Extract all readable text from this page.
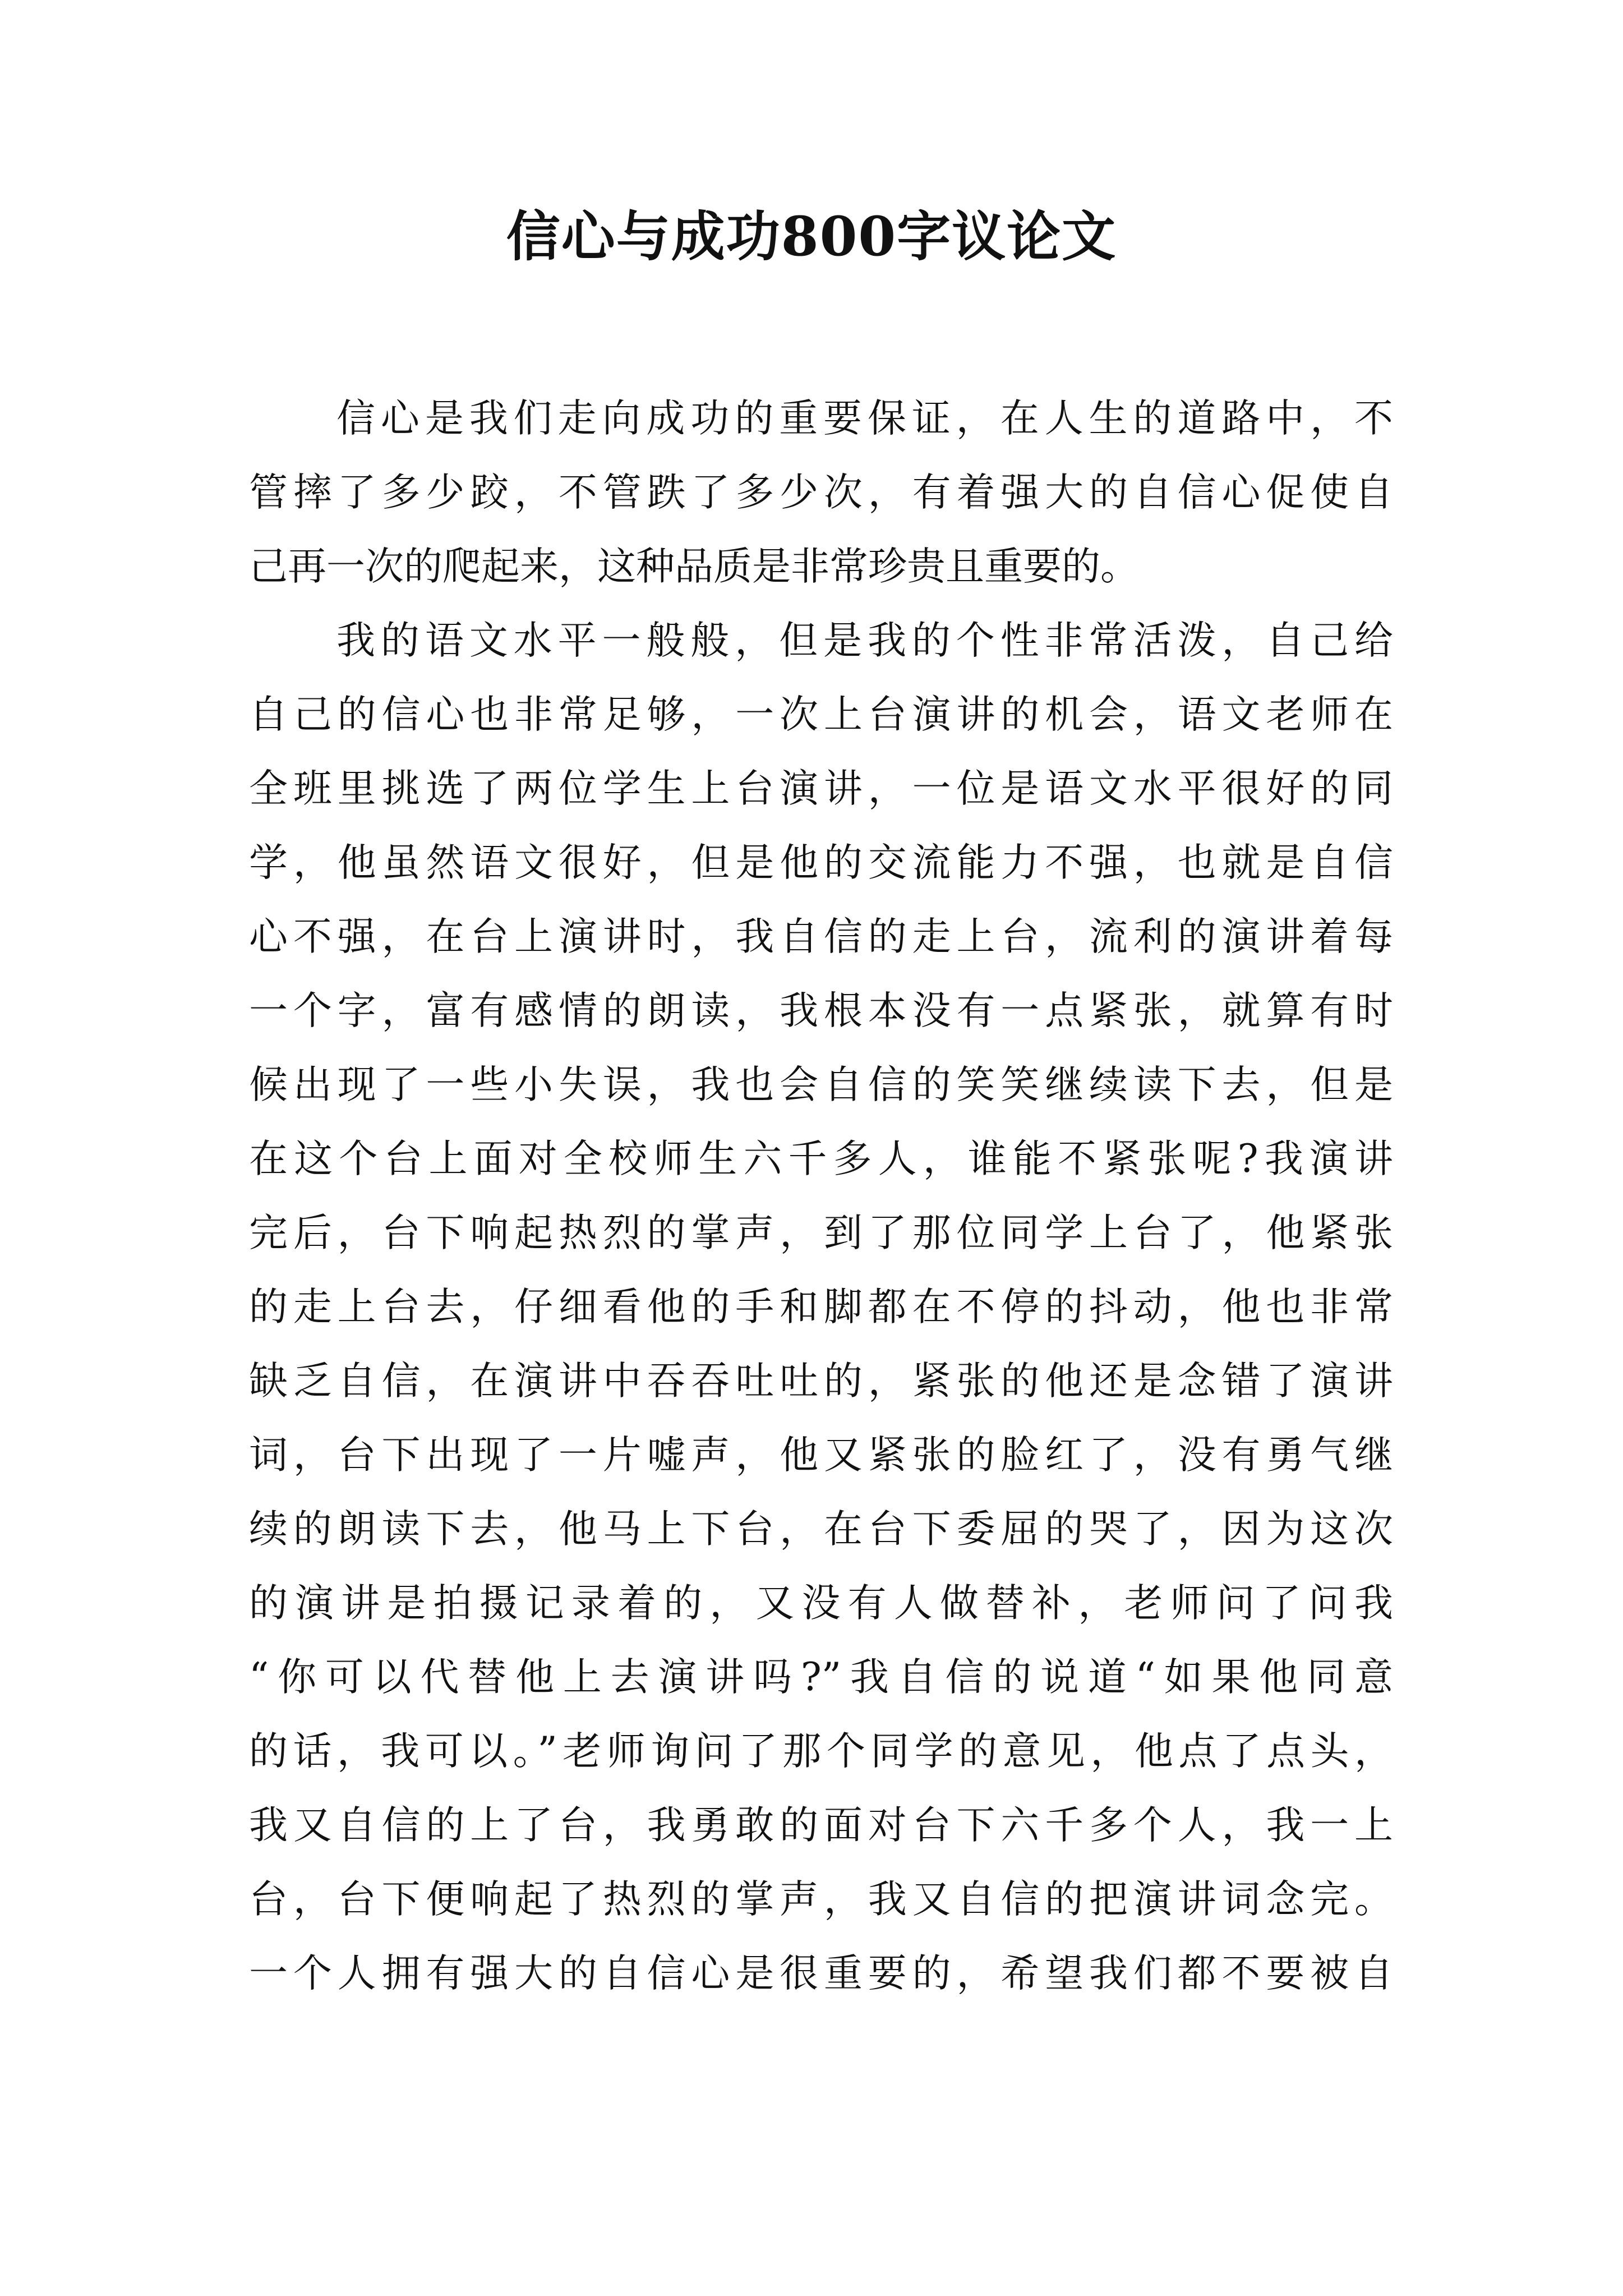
信心与成功800字议论文
信心是我们走向成功的重要保证，在人生的道路中，不
管摔了多少跤，不管跌了多少次，有着强大的自信心促使自
己再一次的爬起来，这种品质是非常珍贵且重要的。
我的语文水平一般般，但是我的个性非常活泼，自己给
自己的信心也非常足够，一次上台演讲的机会，语文老师在
全班里挑选了两位学生上台演讲，一位是语文水平很好的同
学，他虽然语文很好，但是他的交流能力不强，也就是自信
心不强，在台上演讲时，我自信的走上台，流利的演讲着每
一个字，富有感情的朗读，我根本没有一点紧张，就算有时
候出现了一些小失误，我也会自信的笑笑继续读下去，但是
在这个台上面对全校师生六千多人，谁能不紧张呢?我演讲
完后，台下响起热烈的掌声，到了那位同学上台了，他紧张
的走上台去，仔细看他的手和脚都在不停的抖动，他也非常
缺乏自信，在演讲中吞吞吐吐的，紧张的他还是念错了演讲
词，台下出现了一片嘘声，他又紧张的脸红了，没有勇气继
续的朗读下去，他马上下台，在台下委屈的哭了，因为这次
的演讲是拍摄记录着的，又没有人做替补，老师问了问我
“你可以代替他上去演讲吗?”我自信的说道“如果他同意
的话，我可以。”老师询问了那个同学的意见，他点了点头，
我又自信的上了台，我勇敢的面对台下六千多个人，我一上
台，台下便响起了热烈的掌声，我又自信的把演讲词念完。
一个人拥有强大的自信心是很重要的，希望我们都不要被自
